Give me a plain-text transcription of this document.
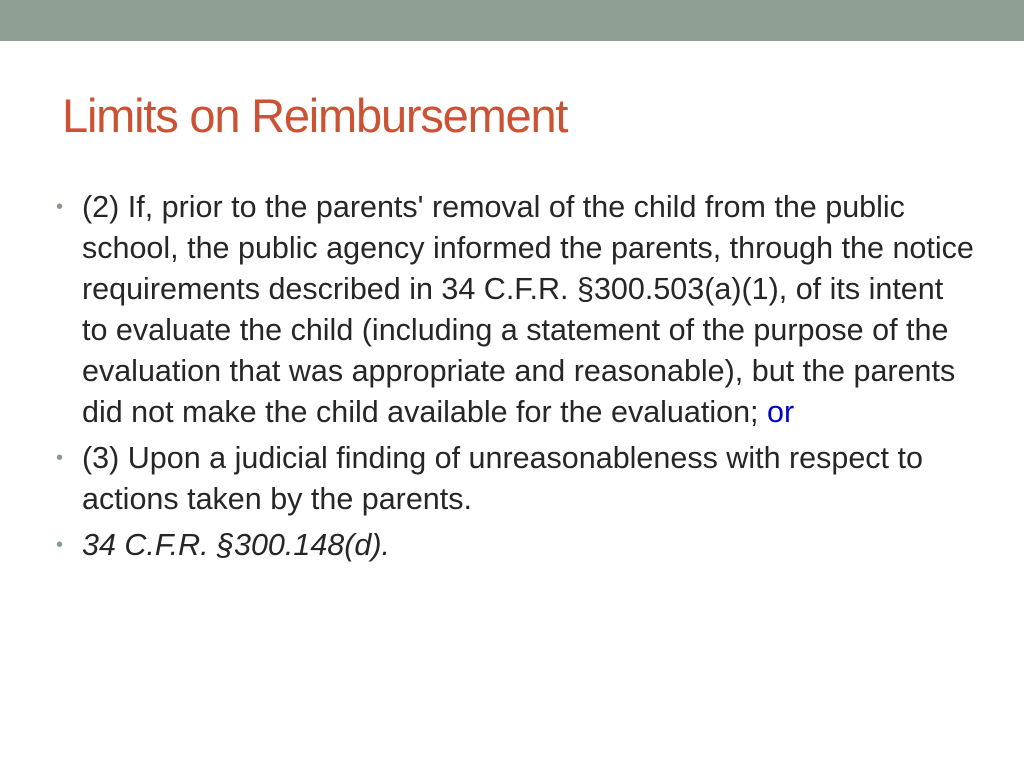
Limits on Reimbursement
• (2) If, prior to the parents' removal of the child from the public school, the public agency informed the parents, through the notice requirements described in 34 C.F.R. §300.503(a)(1), of its intent to evaluate the child (including a statement of the purpose of the evaluation that was appropriate and reasonable), but the parents did not make the child available for the evaluation; or
• (3) Upon a judicial finding of unreasonableness with respect to actions taken by the parents.
• 34 C.F.R. §300.148(d).
